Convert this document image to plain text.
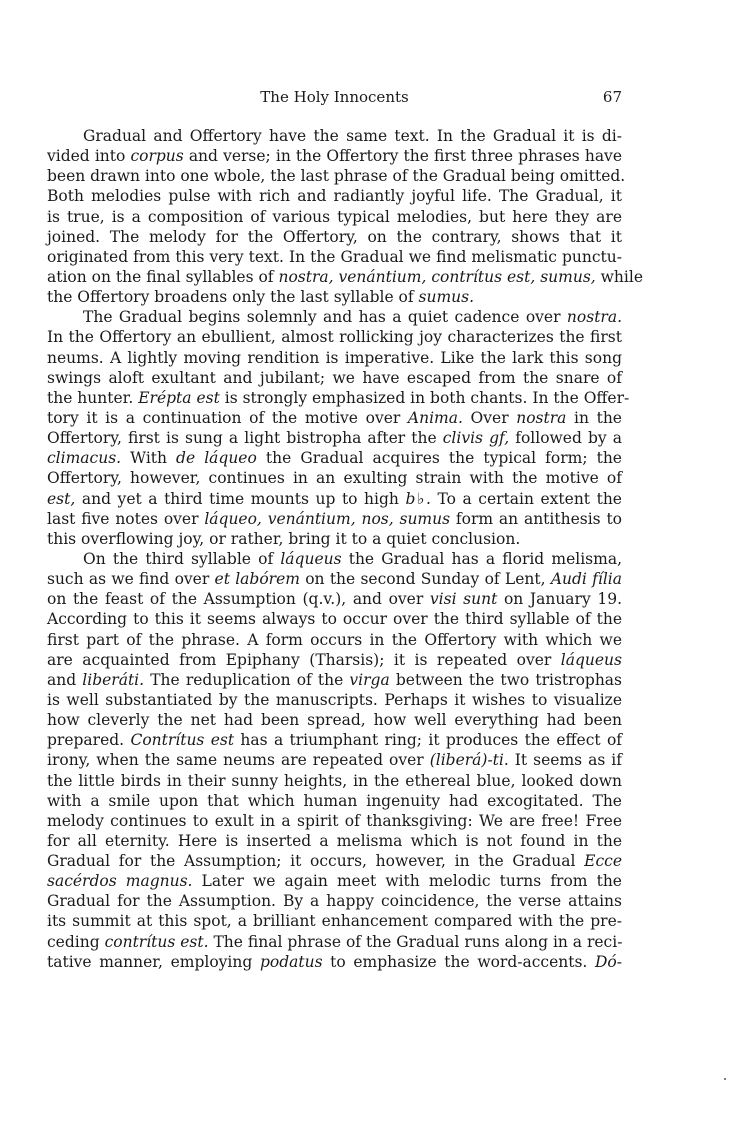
The Holy Innocents	67
Gradual and Offertory have the same text. In the Gradual it is di-
vided into corpus and verse; in the Offertory the first three phrases have
been drawn into one wbole, the last phrase of the Gradual being omitted.
Both melodies pulse with rich and radiantly joyful life. The Gradual, it
is true, is a composition of various typical melodies, but here they are
joined. The melody for the Offertory, on the contrary, shows that it
originated from this very text. In the Gradual we find melismatic punctu-
ation on the final syllables of nostra, venántium, contrítus est, sumus, while
the Offertory broadens only the last syllable of sumus.
The Gradual begins solemnly and has a quiet cadence over nostra.
In the Offertory an ebullient, almost rollicking joy characterizes the first
neums. A lightly moving rendition is imperative. Like the lark this song
swings aloft exultant and jubilant; we have escaped from the snare of
the hunter. Erépta est is strongly emphasized in both chants. In the Offer-
tory it is a continuation of the motive over Anima. Over nostra in the
Offertory, first is sung a light bistropha after the clivis gf, followed by a
climacus. With de láqueo the Gradual acquires the typical form; the
Offertory, however, continues in an exulting strain with the motive of
est, and yet a third time mounts up to high b♭. To a certain extent the
last five notes over láqueo, venántium, nos, sumus form an antithesis to
this overflowing joy, or rather, bring it to a quiet conclusion.
On the third syllable of láqueus the Gradual has a florid melisma,
such as we find over et labórem on the second Sunday of Lent, Audi fília
on the feast of the Assumption (q.v.), and over visi sunt on January 19.
According to this it seems always to occur over the third syllable of the
first part of the phrase. A form occurs in the Offertory with which we
are acquainted from Epiphany (Tharsis); it is repeated over láqueus
and liberáti. The reduplication of the virga between the two tristrophas
is well substantiated by the manuscripts. Perhaps it wishes to visualize
how cleverly the net had been spread, how well everything had been
prepared. Contrítus est has a triumphant ring; it produces the effect of
irony, when the same neums are repeated over (liberá)-ti. It seems as if
the little birds in their sunny heights, in the ethereal blue, looked down
with a smile upon that which human ingenuity had excogitated. The
melody continues to exult in a spirit of thanksgiving: We are free! Free
for all eternity. Here is inserted a melisma which is not found in the
Gradual for the Assumption; it occurs, however, in the Gradual Ecce
sacérdos magnus. Later we again meet with melodic turns from the
Gradual for the Assumption. By a happy coincidence, the verse attains
its summit at this spot, a brilliant enhancement compared with the pre-
ceding contrítus est. The final phrase of the Gradual runs along in a reci-
tative manner, employing podatus to emphasize the word-accents. Dó-
